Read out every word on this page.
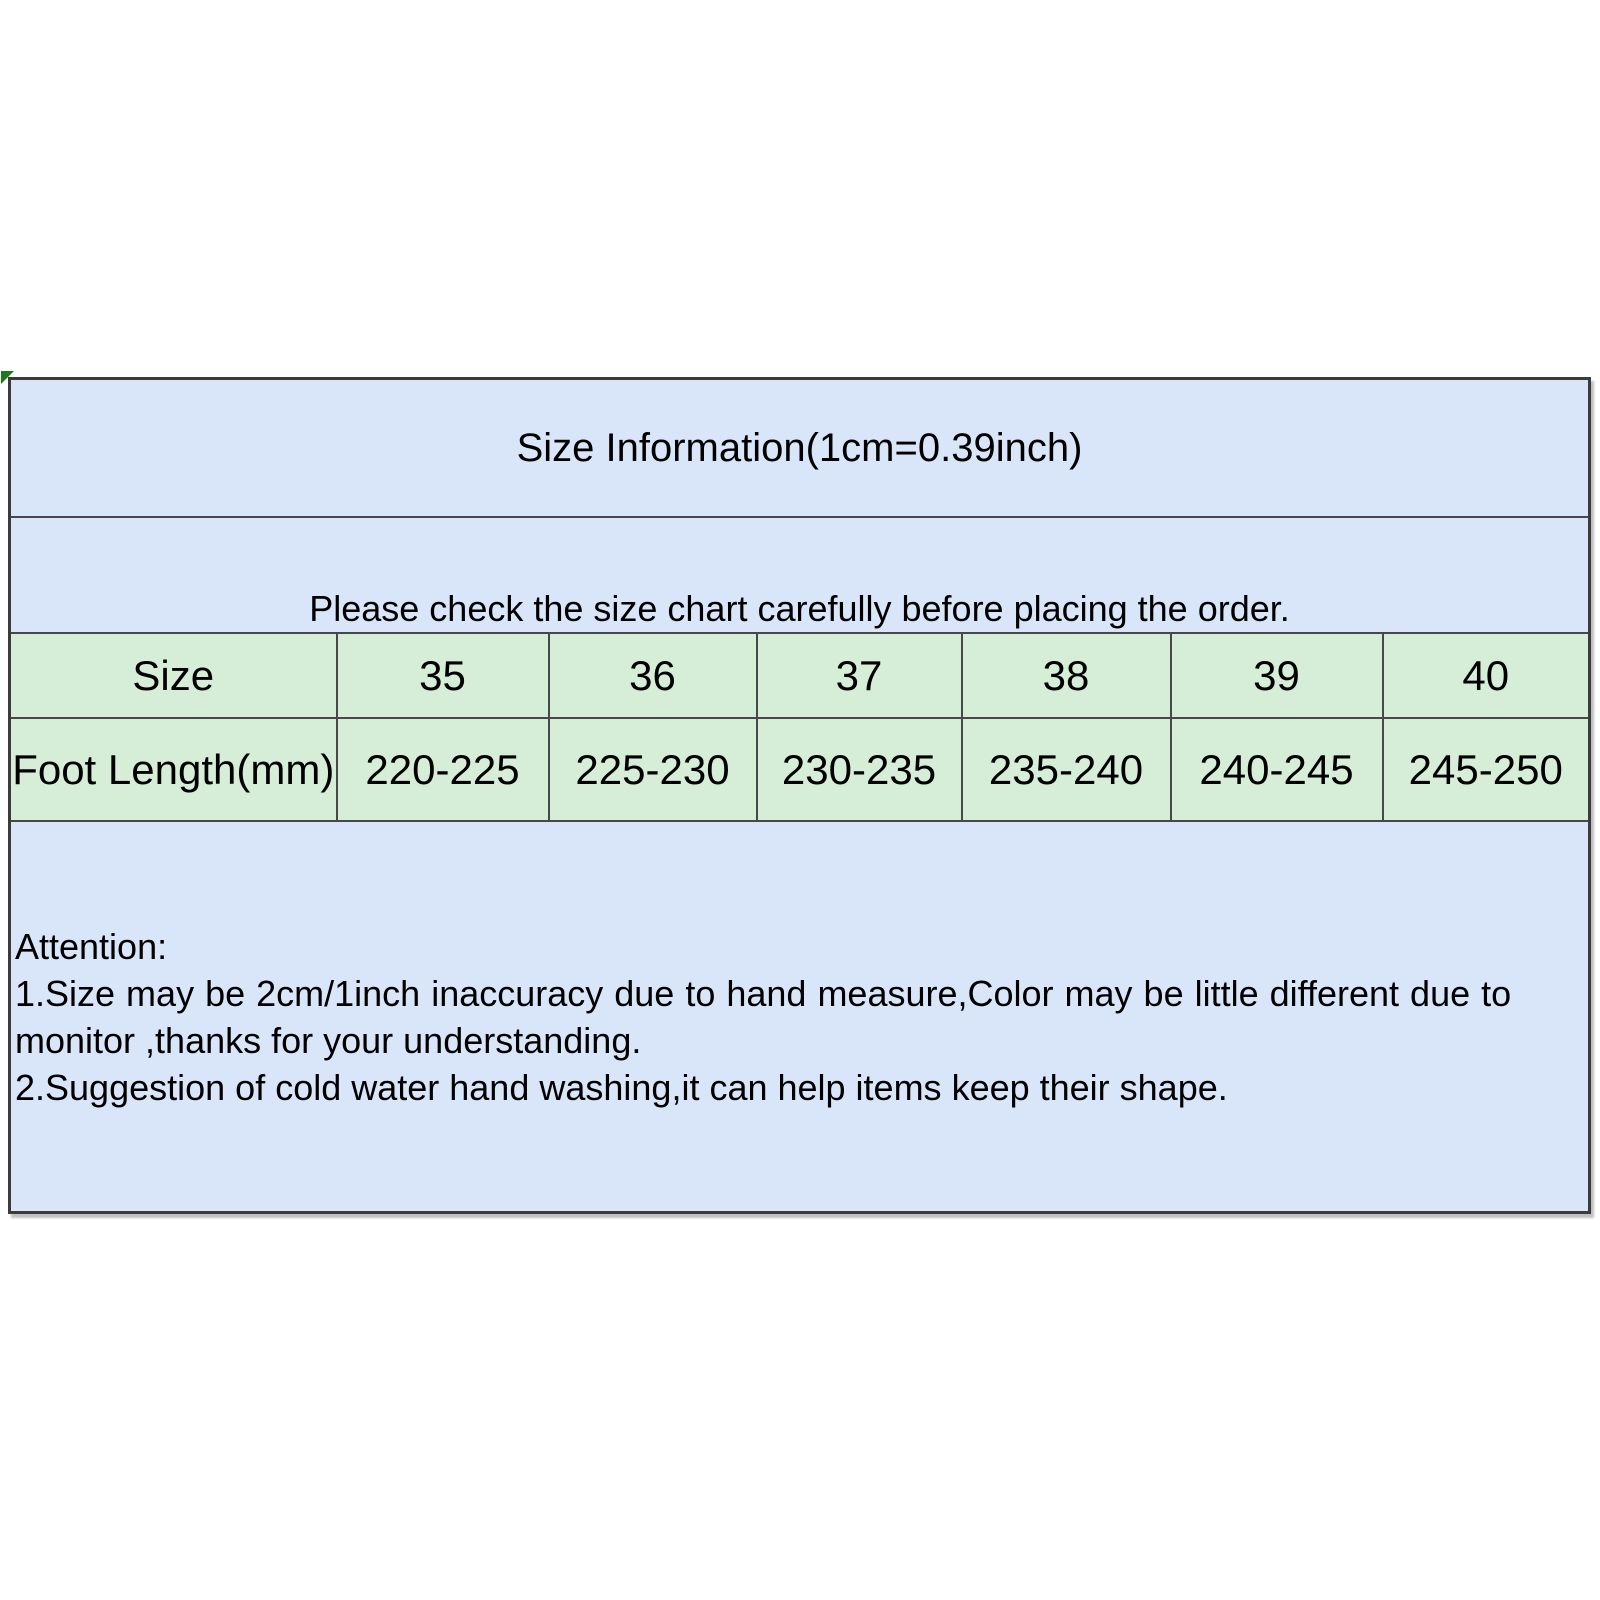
Size Information(1cm=0.39inch)						
Please check the size chart carefully before placing the order.						
Size	35	36	37	38	39	40
Foot Length(mm)	220-225	225-230	230-235	235-240	240-245	245-250

Attention:
1.Size may be 2cm/1inch inaccuracy due to hand measure,Color may be little different due to
monitor ,thanks for your understanding.
2.Suggestion of cold water hand washing,it can help items keep their shape.						
